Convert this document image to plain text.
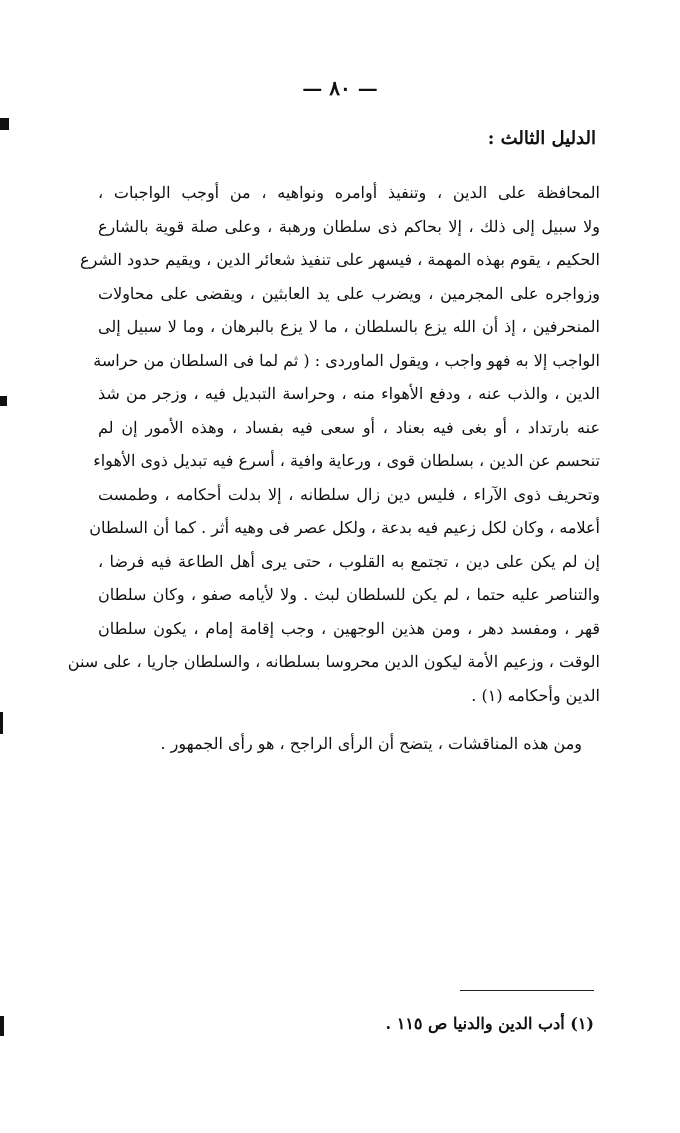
— ٨٠ —
الدليل الثالث :
المحافظة على الدين ، وتنفيذ أوامره ونواهيه ، من أوجب الواجبات ،
ولا سبيل إلى ذلك ، إلا بحاكم ذى سلطان ورهبة ، وعلى صلة قوية بالشارع
الحكيم ، يقوم بهذه المهمة ، فيسهر على تنفيذ شعائر الدين ، ويقيم حدود الشرع
وزواجره على المجرمين ، ويضرب على يد العابثين ، ويقضى على محاولات
المنحرفين ، إذ أن الله يزع بالسلطان ، ما لا يزع بالبرهان ، وما لا سبيل إلى
الواجب إلا به فهو واجب ، ويقول الماوردى : ( ثم لما فى السلطان من حراسة
الدين ، والذب عنه ، ودفع الأهواء منه ، وحراسة التبديل فيه ، وزجر من شذ
عنه بارتداد ، أو بغى فيه بعناد ، أو سعى فيه بفساد ، وهذه الأمور إن لم
تنحسم عن الدين ، بسلطان قوى ، ورعاية وافية ، أسرع فيه تبديل ذوى الأهواء
وتحريف ذوى الآراء ، فليس دين زال سلطانه ، إلا بدلت أحكامه ، وطمست
أعلامه ، وكان لكل زعيم فيه بدعة ، ولكل عصر فى وهيه أثر . كما أن السلطان
إن لم يكن على دين ، تجتمع به القلوب ، حتى يرى أهل الطاعة فيه فرضا ،
والتناصر عليه حتما ، لم يكن للسلطان لبث . ولا لأيامه صفو ، وكان سلطان
قهر ، ومفسد دهر ، ومن هذين الوجهين ، وجب إقامة إمام ، يكون سلطان
الوقت ، وزعيم الأمة ليكون الدين محروسا بسلطانه ، والسلطان جاريا ، على سنن
الدين وأحكامه (١) .
ومن هذه المناقشات ، يتضح أن الرأى الراجح ، هو رأى الجمهور .
(١) أدب الدين والدنيا ص ١١٥ .
